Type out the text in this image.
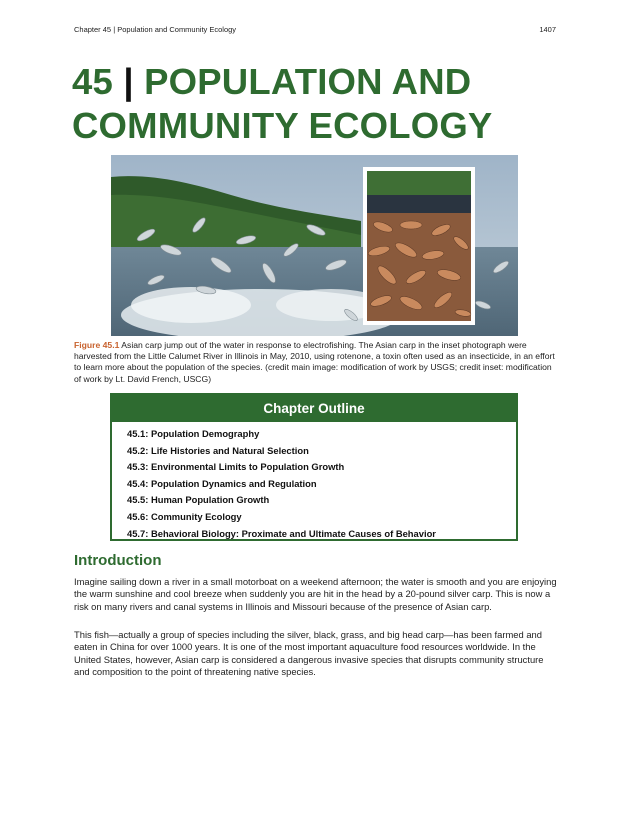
Chapter 45 | Population and Community Ecology	1407
45 | POPULATION AND
COMMUNITY ECOLOGY
Figure 45.1 Asian carp jump out of the water in response to electrofishing. The Asian carp in the inset photograph were harvested from the Little Calumet River in Illinois in May, 2010, using rotenone, a toxin often used as an insecticide, in an effort to learn more about the population of the species. (credit main image: modification of work by USGS; credit inset: modification of work by Lt. David French, USCG)
Chapter Outline
45.1: Population Demography
45.2: Life Histories and Natural Selection
45.3: Environmental Limits to Population Growth
45.4: Population Dynamics and Regulation
45.5: Human Population Growth
45.6: Community Ecology
45.7: Behavioral Biology: Proximate and Ultimate Causes of Behavior
Introduction

Imagine sailing down a river in a small motorboat on a weekend afternoon; the water is smooth and you are enjoying the warm sunshine and cool breeze when suddenly you are hit in the head by a 20-pound silver carp. This is now a risk on many rivers and canal systems in Illinois and Missouri because of the presence of Asian carp.

This fish—actually a group of species including the silver, black, grass, and big head carp—has been farmed and eaten in China for over 1000 years. It is one of the most important aquaculture food resources worldwide. In the United States, however, Asian carp is considered a dangerous invasive species that disrupts community structure and composition to the point of threatening native species.
